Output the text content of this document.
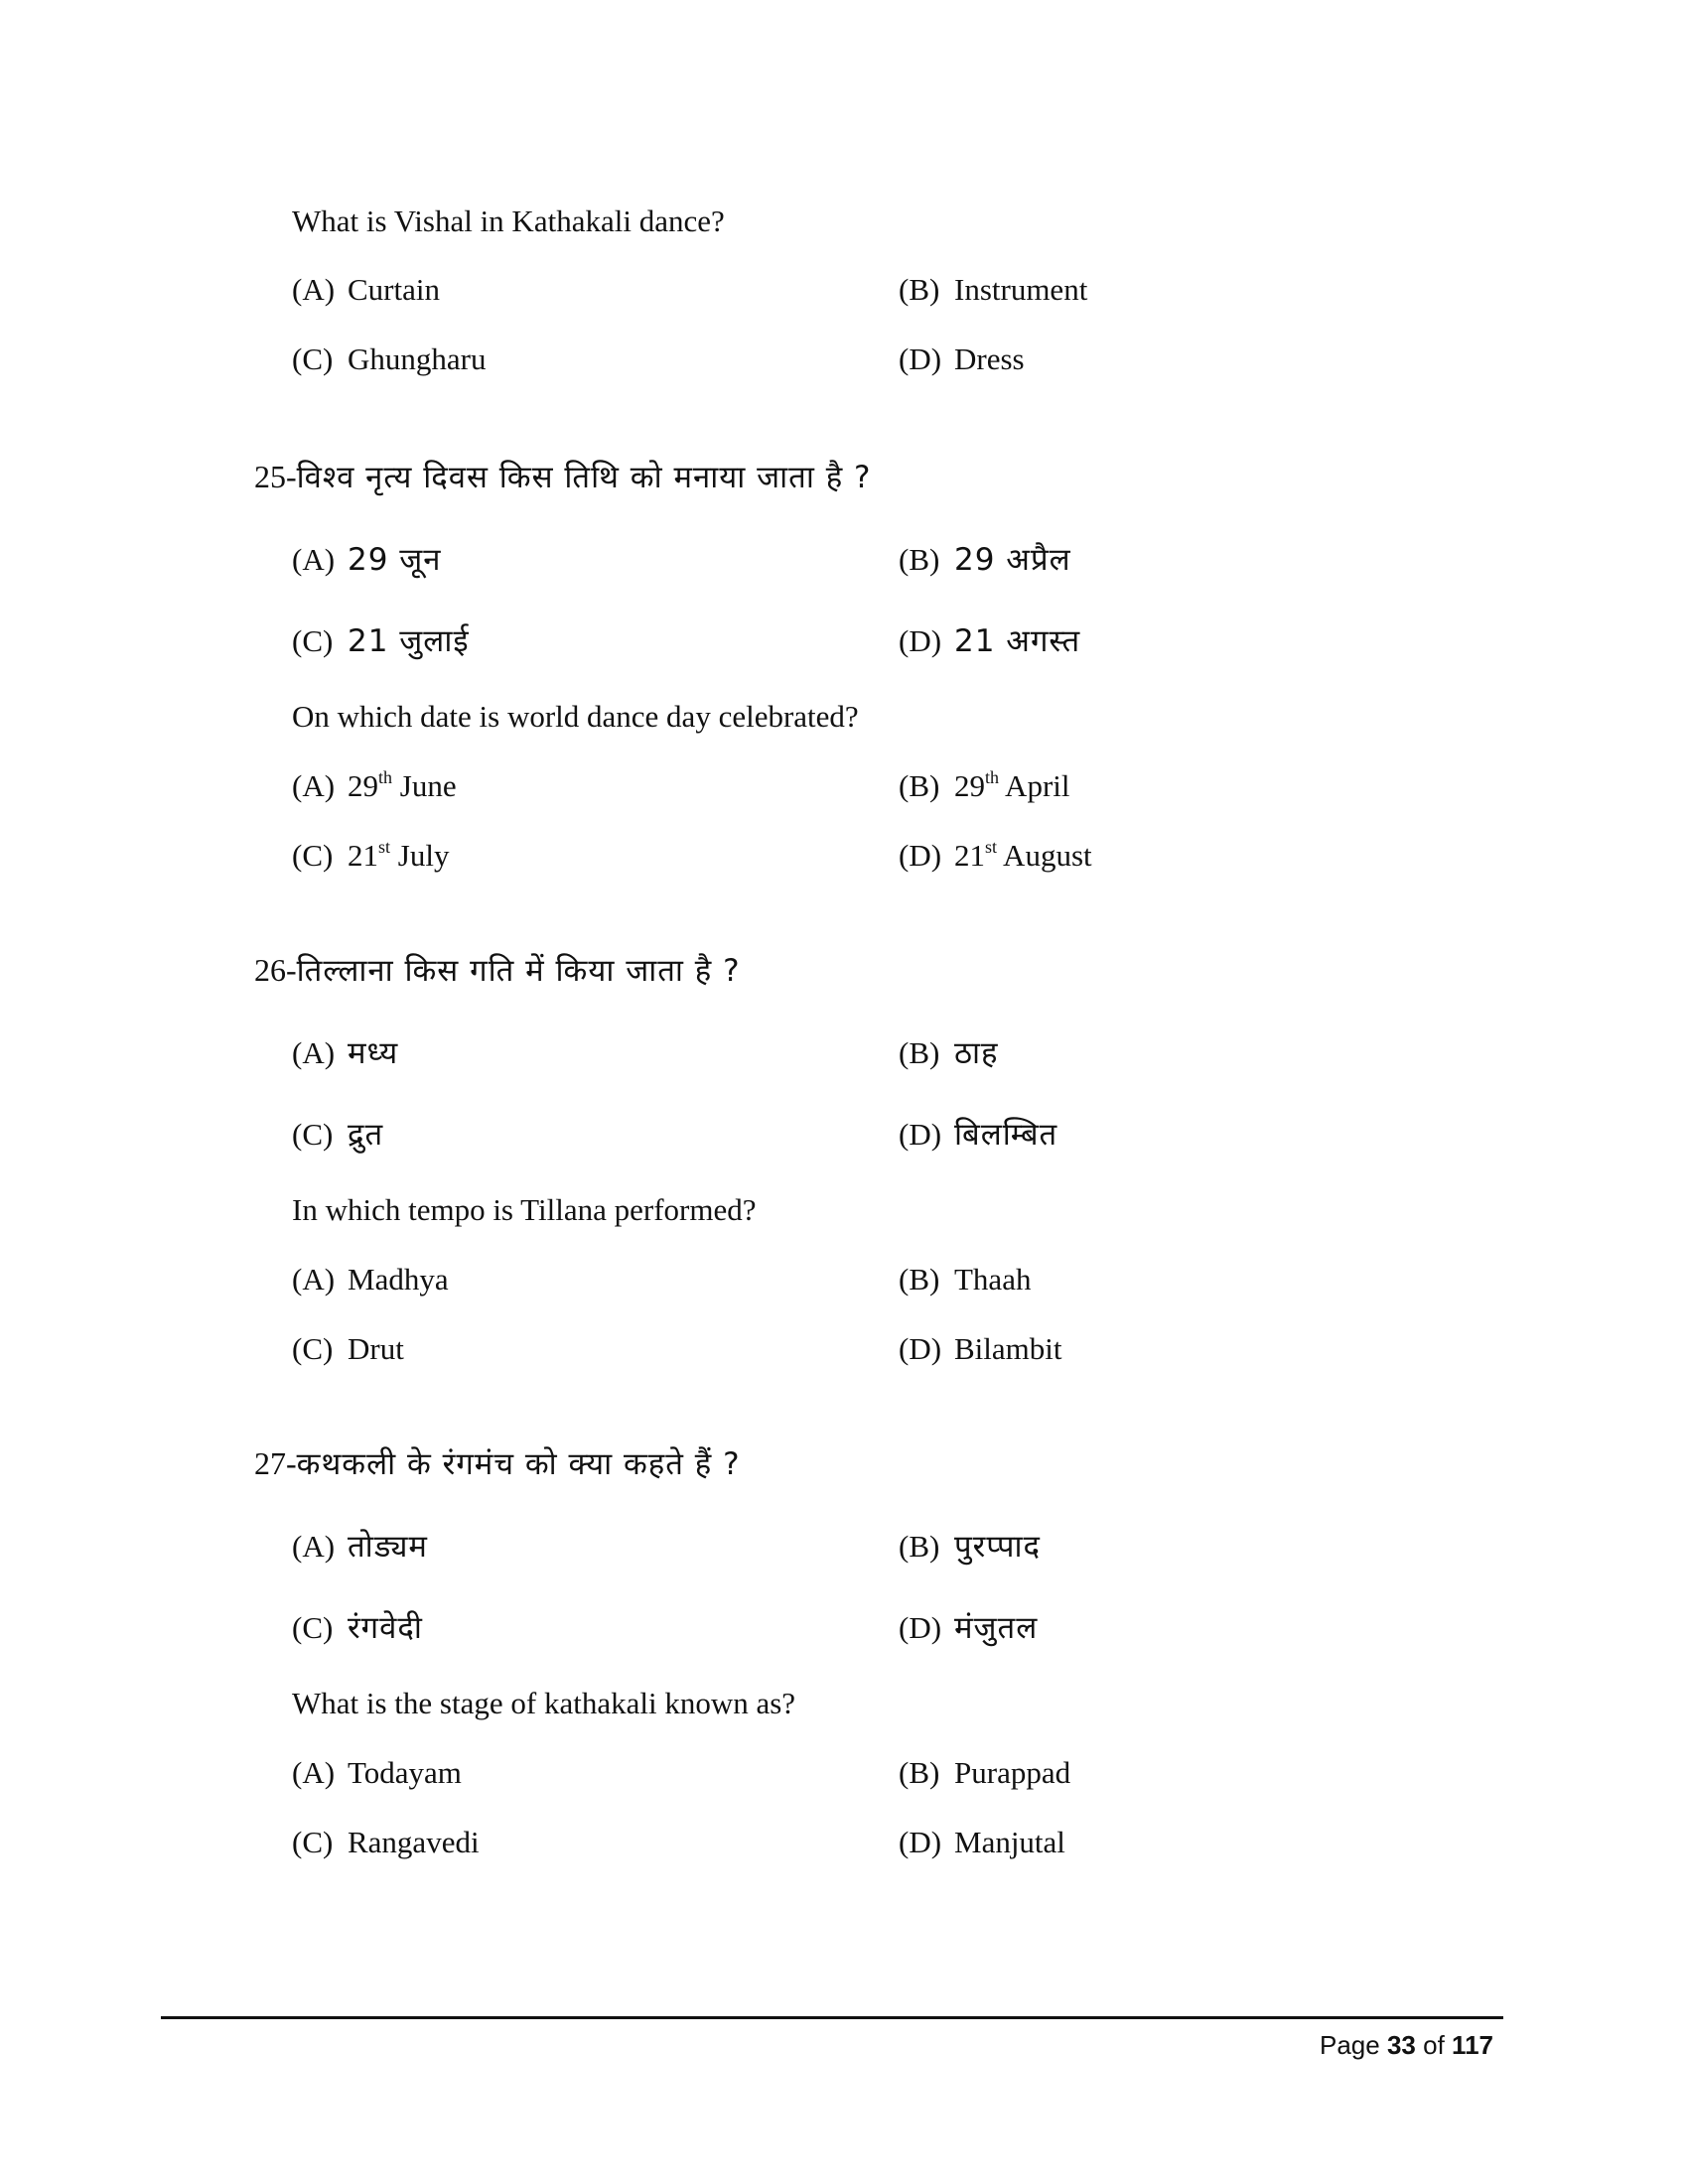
What is Vishal in Kathakali dance?
(A) Curtain	(B) Instrument
(C) Ghungharu	(D) Dress
25-विश्व नृत्य दिवस किस तिथि को मनाया जाता है ?
(A) 29 जून	(B) 29 अप्रैल
(C) 21 जुलाई	(D) 21 अगस्त
On which date is world dance day celebrated?
(A) 29th June	(B) 29th April
(C) 21st July	(D) 21st August
26-तिल्लाना किस गति में किया जाता है ?
(A) मध्य	(B) ठाह
(C) द्रुत	(D) बिलम्बित
In which tempo is Tillana performed?
(A) Madhya	(B) Thaah
(C) Drut	(D) Bilambit
27-कथकली के रंगमंच को क्या कहते हैं ?
(A) तोड्यम	(B) पुरप्पाद
(C) रंगवेदी	(D) मंजुतल
What is the stage of kathakali known as?
(A) Todayam	(B) Purappad
(C) Rangavedi	(D) Manjutal
Page 33 of 117
